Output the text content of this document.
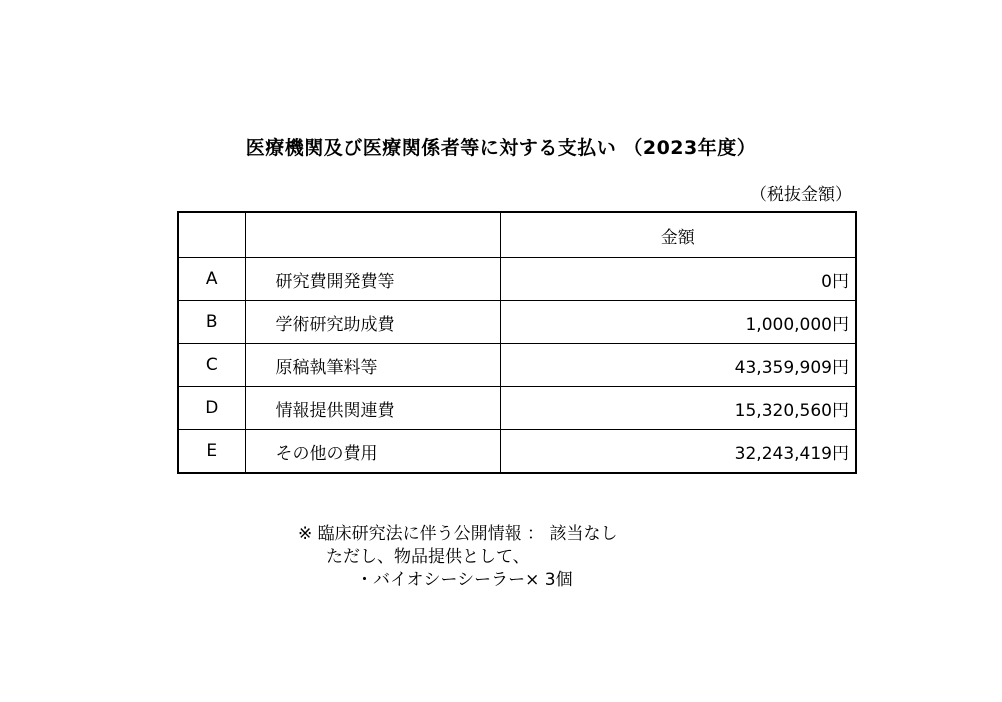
医療機関及び医療関係者等に対する支払い （2023年度）
（税抜金額）
		金額
A	研究費開発費等	0円
B	学術研究助成費	1,000,000円
C	原稿執筆料等	43,359,909円
D	情報提供関連費	15,320,560円
E	その他の費用	32,243,419円
※ 臨床研究法に伴う公開情報 ： 該当なし
ただし、物品提供として、
・バイオシーシーラー× 3個
